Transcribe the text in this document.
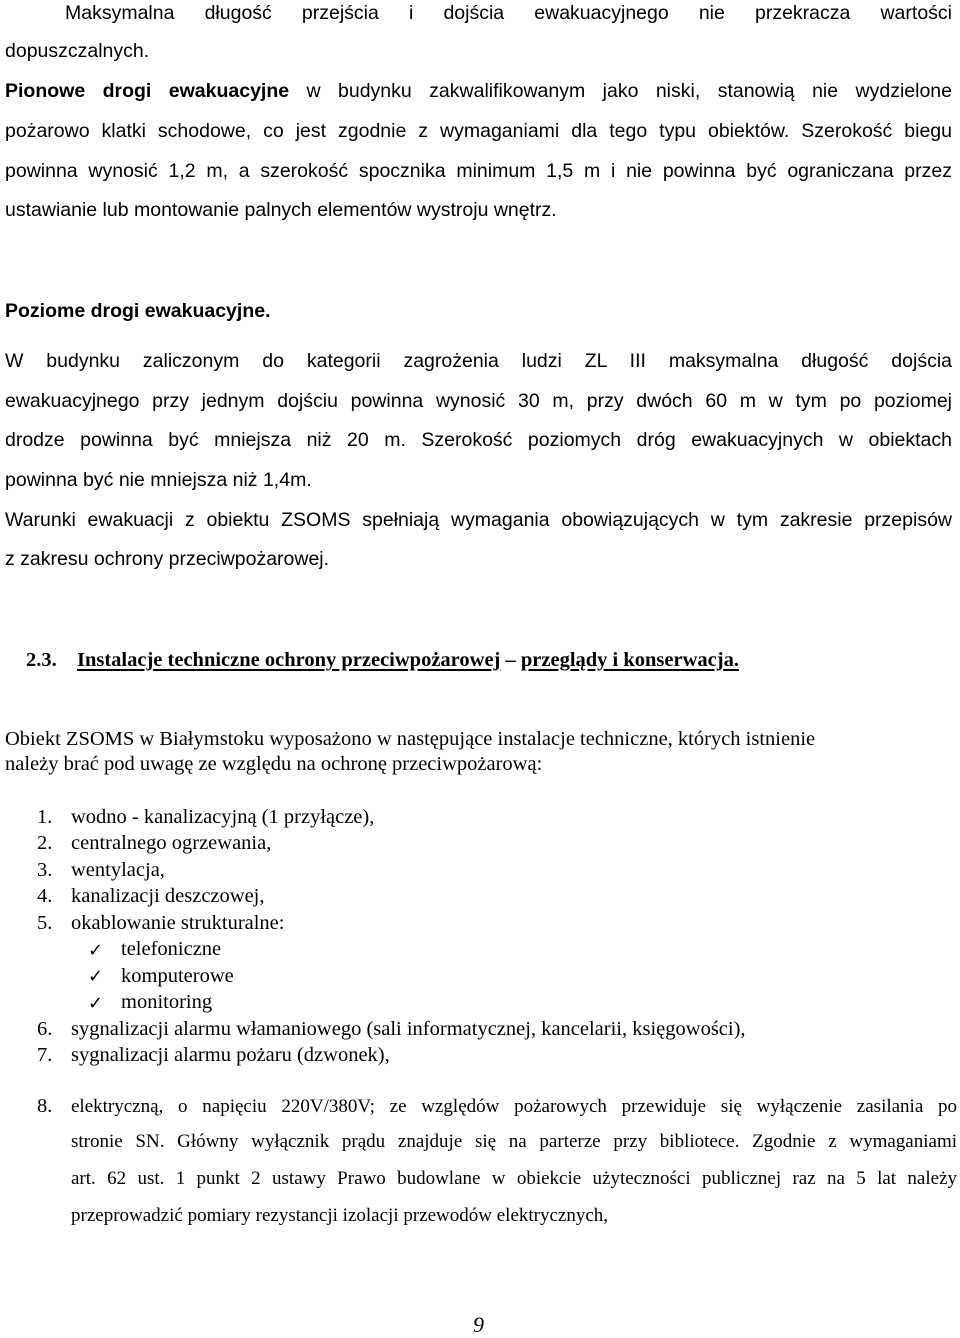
Maksymalna długość przejścia i dojścia ewakuacyjnego nie przekracza wartości
dopuszczalnych.
Pionowe drogi ewakuacyjne w budynku zakwalifikowanym jako niski, stanowią nie wydzielone
pożarowo klatki schodowe, co jest zgodnie z wymaganiami dla tego typu obiektów. Szerokość biegu
powinna wynosić 1,2 m, a szerokość spocznika minimum 1,5 m i nie powinna być ograniczana przez
ustawianie lub montowanie palnych elementów wystroju wnętrz.
Poziome drogi ewakuacyjne.
W budynku zaliczonym do kategorii zagrożenia ludzi ZL III maksymalna długość dojścia
ewakuacyjnego przy jednym dojściu powinna wynosić 30 m, przy dwóch 60 m w tym po poziomej
drodze powinna być mniejsza niż 20 m. Szerokość poziomych dróg ewakuacyjnych w obiektach
powinna być nie mniejsza niż 1,4m.
Warunki ewakuacji z obiektu ZSOMS spełniają wymagania obowiązujących w tym zakresie przepisów
z zakresu ochrony przeciwpożarowej.
2.3. Instalacje techniczne ochrony przeciwpożarowej – przeglądy i konserwacja.
Obiekt ZSOMS w Białymstoku wyposażono w następujące instalacje techniczne, których istnienie
należy brać pod uwagę ze względu na ochronę przeciwpożarową:
1. wodno - kanalizacyjną (1 przyłącze),
2. centralnego ogrzewania,
3. wentylacja,
4. kanalizacji deszczowej,
5. okablowanie strukturalne:
✓ telefoniczne
✓ komputerowe
✓ monitoring
6. sygnalizacji alarmu włamaniowego (sali informatycznej, kancelarii, księgowości),
7. sygnalizacji alarmu pożaru (dzwonek),
8. elektryczną, o napięciu 220V/380V; ze względów pożarowych przewiduje się wyłączenie zasilania po
stronie SN. Główny wyłącznik prądu znajduje się na parterze przy bibliotece. Zgodnie z wymaganiami
art. 62 ust. 1 punkt 2 ustawy Prawo budowlane w obiekcie użyteczności publicznej raz na 5 lat należy
przeprowadzić pomiary rezystancji izolacji przewodów elektrycznych,
9
